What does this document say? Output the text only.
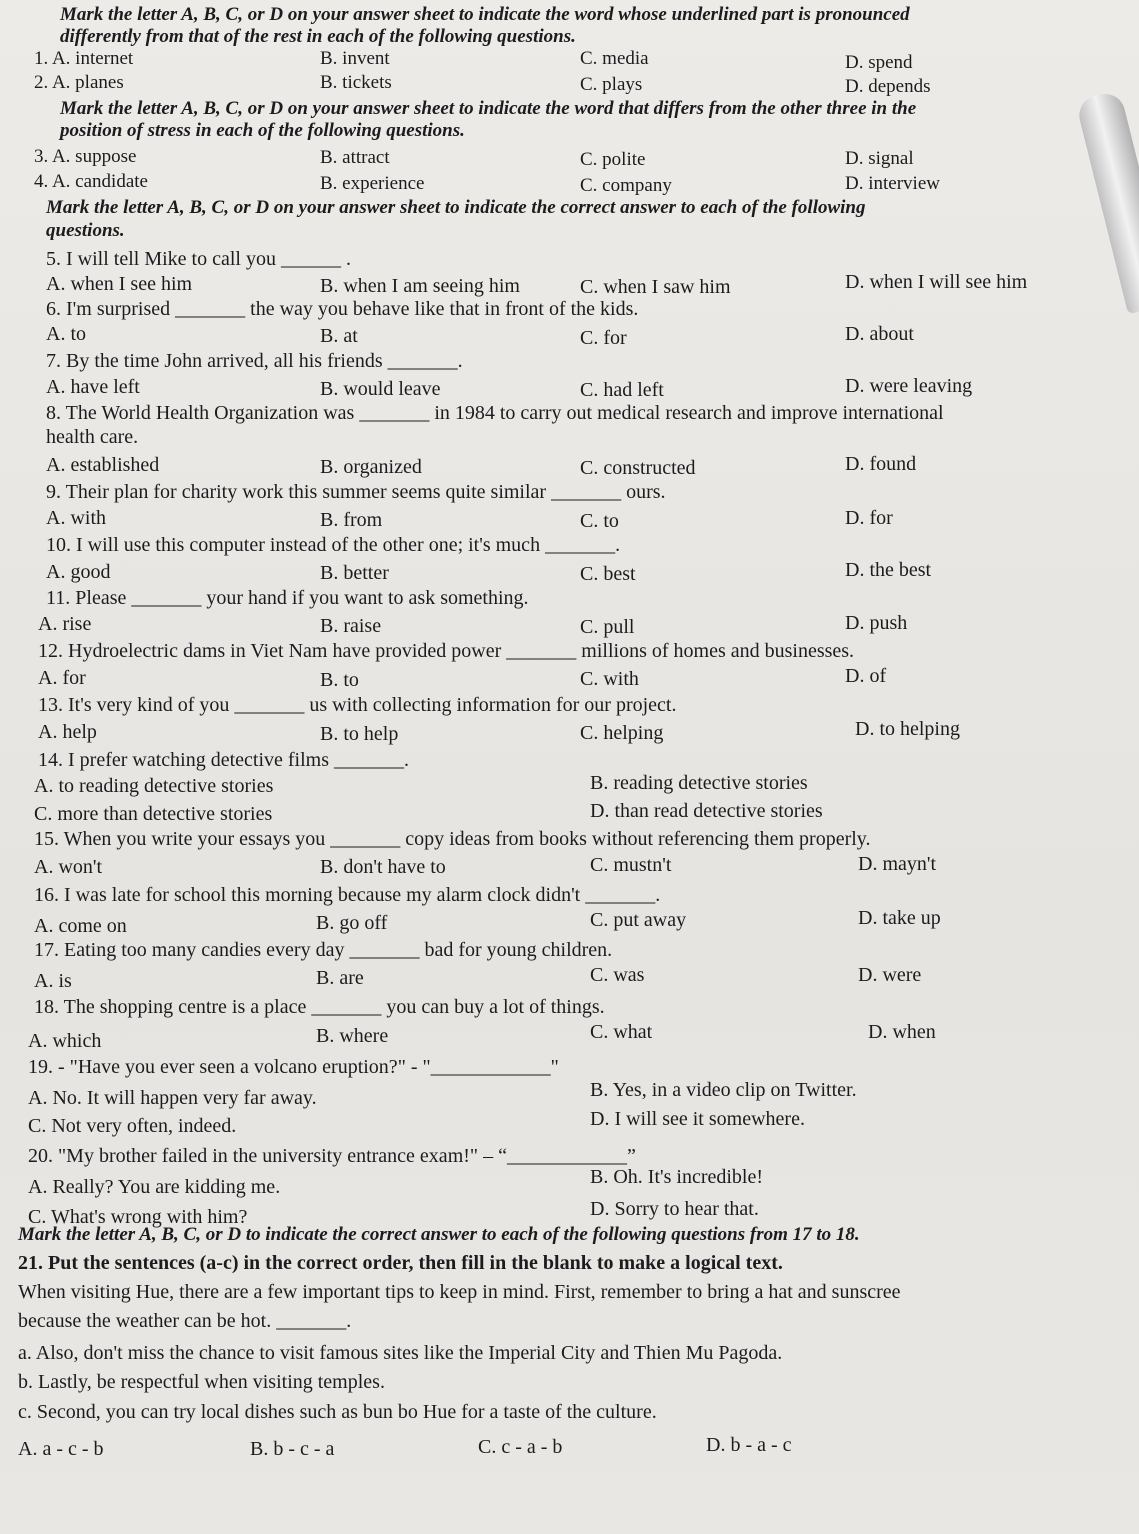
Mark the letter A, B, C, or D on your answer sheet to indicate the word whose underlined part is pronounced
differently from that of the rest in each of the following questions.
1. A. internet	B. invent	C. media	D. spend
2. A. planes	B. tickets	C. plays	D. depends
Mark the letter A, B, C, or D on your answer sheet to indicate the word that differs from the other three in the
position of stress in each of the following questions.
3. A. suppose	B. attract	C. polite	D. signal
4. A. candidate	B. experience	C. company	D. interview
Mark the letter A, B, C, or D on your answer sheet to indicate the correct answer to each of the following
questions.
5. I will tell Mike to call you ______ .
A. when I see him	B. when I am seeing him	C. when I saw him	D. when I will see him
6. I'm surprised _______ the way you behave like that in front of the kids.
A. to	B. at	C. for	D. about
7. By the time John arrived, all his friends _______.
A. have left	B. would leave	C. had left	D. were leaving
8. The World Health Organization was _______ in 1984 to carry out medical research and improve international
health care.
A. established	B. organized	C. constructed	D. found
9. Their plan for charity work this summer seems quite similar _______ ours.
A. with	B. from	C. to	D. for
10. I will use this computer instead of the other one; it's much _______.
A. good	B. better	C. best	D. the best
11. Please _______ your hand if you want to ask something.
A. rise	B. raise	C. pull	D. push
12. Hydroelectric dams in Viet Nam have provided power _______ millions of homes and businesses.
A. for	B. to	C. with	D. of
13. It's very kind of you _______ us with collecting information for our project.
A. help	B. to help	C. helping	D. to helping
14. I prefer watching detective films _______.
A. to reading detective stories	B. reading detective stories
C. more than detective stories	D. than read detective stories
15. When you write your essays you _______ copy ideas from books without referencing them properly.
A. won't	B. don't have to	C. mustn't	D. mayn't
16. I was late for school this morning because my alarm clock didn't _______.
A. come on	B. go off	C. put away	D. take up
17. Eating too many candies every day _______ bad for young children.
A. is	B. are	C. was	D. were
18. The shopping centre is a place _______ you can buy a lot of things.
A. which	B. where	C. what	D. when
19. - "Have you ever seen a volcano eruption?" - "____________"
A. No. It will happen very far away.	B. Yes, in a video clip on Twitter.
C. Not very often, indeed.	D. I will see it somewhere.
20. "My brother failed in the university entrance exam!" – “____________”
A. Really? You are kidding me.	B. Oh. It's incredible!
C. What's wrong with him?	D. Sorry to hear that.
Mark the letter A, B, C, or D to indicate the correct answer to each of the following questions from 17 to 18.
21. Put the sentences (a-c) in the correct order, then fill in the blank to make a logical text.
When visiting Hue, there are a few important tips to keep in mind. First, remember to bring a hat and sunscree
because the weather can be hot. _______.
a. Also, don't miss the chance to visit famous sites like the Imperial City and Thien Mu Pagoda.
b. Lastly, be respectful when visiting temples.
c. Second, you can try local dishes such as bun bo Hue for a taste of the culture.
A. a - c - b	B. b - c - a	C. c - a - b	D. b - a - c
